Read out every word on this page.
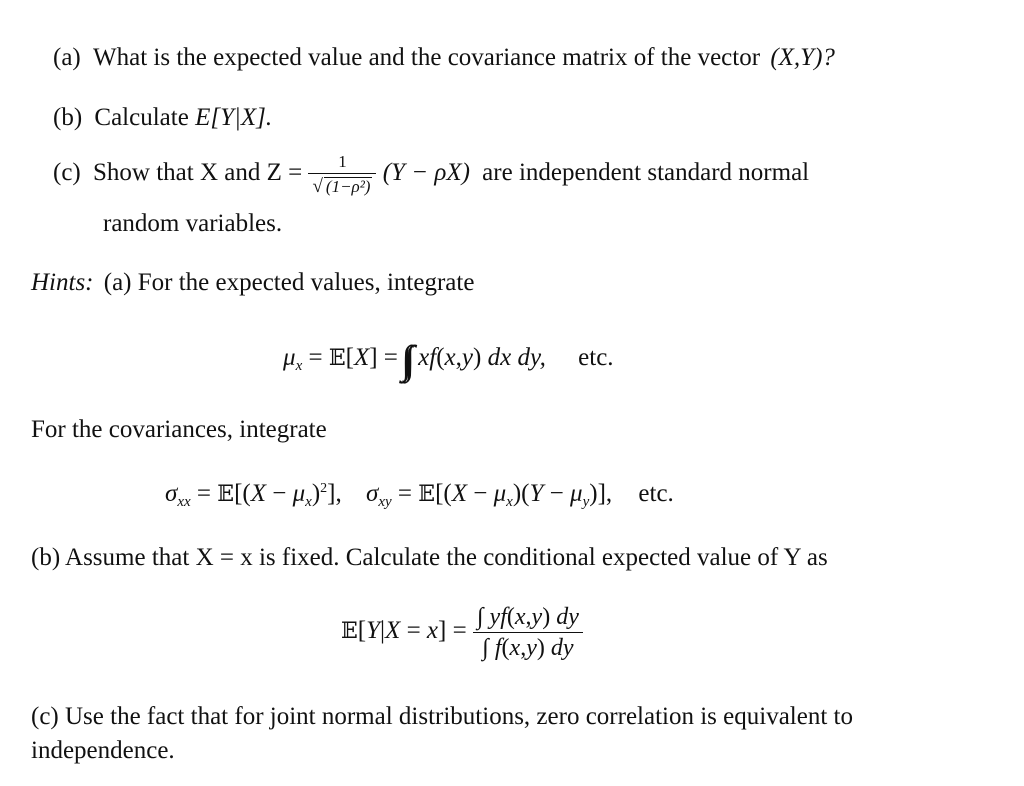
(a) What is the expected value and the covariance matrix of the vector (X,Y)?
(b) Calculate E[Y|X].
(c) Show that X and $Z = \frac{1}{\text{√ (1−ρ²)}} (Y - \rho X)$ are independent standard normal
random variables.
Hints: (a) For the expected values, integrate
$\mu_x$ = 𝔼[X] = xf(x,y) dx dy, etc.
For the covariances, integrate
$\sigma_{xx}$ = 𝔼[(X − $\mu_x)^2$], $\sigma_{xy}$ = 𝔼[(X − $\mu_x)(Y - \mu_y)$], etc.
(b) Assume that X = x is fixed. Calculate the conditional expected value of Y as
𝔼[Y|X = $x] = \frac{\int yf(x,y) dy}{\int f(x,y) dy}$
(c) Use the fact that for joint normal distributions, zero correlation is equivalent to
independence.
